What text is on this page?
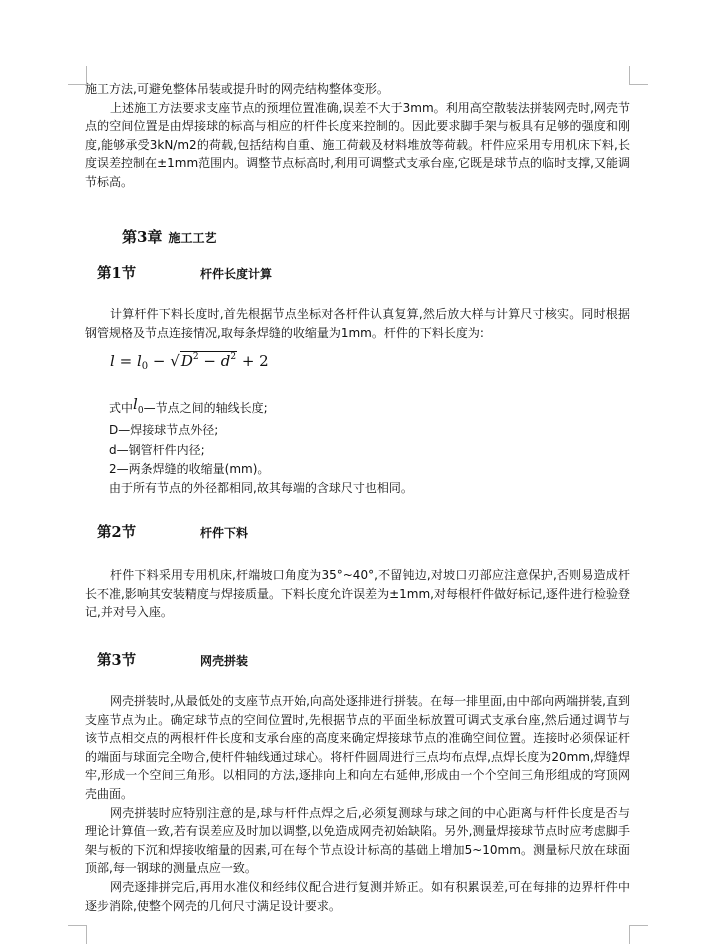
施工方法,可避免整体吊装或提升时的网壳结构整体变形。

上述施工方法要求支座节点的预埋位置准确,误差不大于3mm。利用高空散装法拼装网壳时,网壳节点的空间位置是由焊接球的标高与相应的杆件长度来控制的。因此要求脚手架与板具有足够的强度和刚度,能够承受3kN/m2的荷载,包括结构自重、施工荷载及材料堆放等荷载。杆件应采用专用机床下料,长度误差控制在±1mm范围内。调整节点标高时,利用可调整式支承台座,它既是球节点的临时支撑,又能调节标高。

第3章 施工工艺
第1节	杆件长度计算

计算杆件下料长度时,首先根据节点坐标对各杆件认真复算,然后放大样与计算尺寸核实。同时根据钢管规格及节点连接情况,取每条焊缝的收缩量为1mm。杆件的下料长度为:

$l = l_0 - √D^2 - d^2 + 2$
式中$l_0—$节点之间的轴线长度;
D—焊接球节点外径;
d—钢管杆件内径;
2—两条焊缝的收缩量(mm)。
由于所有节点的外径都相同,故其每端的含球尺寸也相同。
第2节	杆件下料

杆件下料采用专用机床,杆端坡口角度为35°~40°,不留钝边,对坡口刃部应注意保护,否则易造成杆长不准,影响其安装精度与焊接质量。下料长度允许误差为±1mm,对每根杆件做好标记,逐件进行检验登记,并对号入座。

第3节	网壳拼装

网壳拼装时,从最低处的支座节点开始,向高处逐排进行拼装。在每一排里面,由中部向两端拼装,直到支座节点为止。确定球节点的空间位置时,先根据节点的平面坐标放置可调式支承台座,然后通过调节与该节点相交点的两根杆件长度和支承台座的高度来确定焊接球节点的准确空间位置。连接时必须保证杆的端面与球面完全吻合,使杆件轴线通过球心。将杆件圆周进行三点均布点焊,点焊长度为20mm,焊缝焊牢,形成一个空间三角形。以相同的方法,逐排向上和向左右延伸,形成由一个个空间三角形组成的穹顶网壳曲面。

网壳拼装时应特别注意的是,球与杆件点焊之后,必须复测球与球之间的中心距离与杆件长度是否与理论计算值一致,若有误差应及时加以调整,以免造成网壳初始缺陷。另外,测量焊接球节点时应考虑脚手架与板的下沉和焊接收缩量的因素,可在每个节点设计标高的基础上增加5~10mm。测量标尺放在球面顶部,每一钢球的测量点应一致。

网壳逐排拼完后,再用水准仪和经纬仪配合进行复测并矫正。如有积累误差,可在每排的边界杆件中逐步消除,使整个网壳的几何尺寸满足设计要求。
